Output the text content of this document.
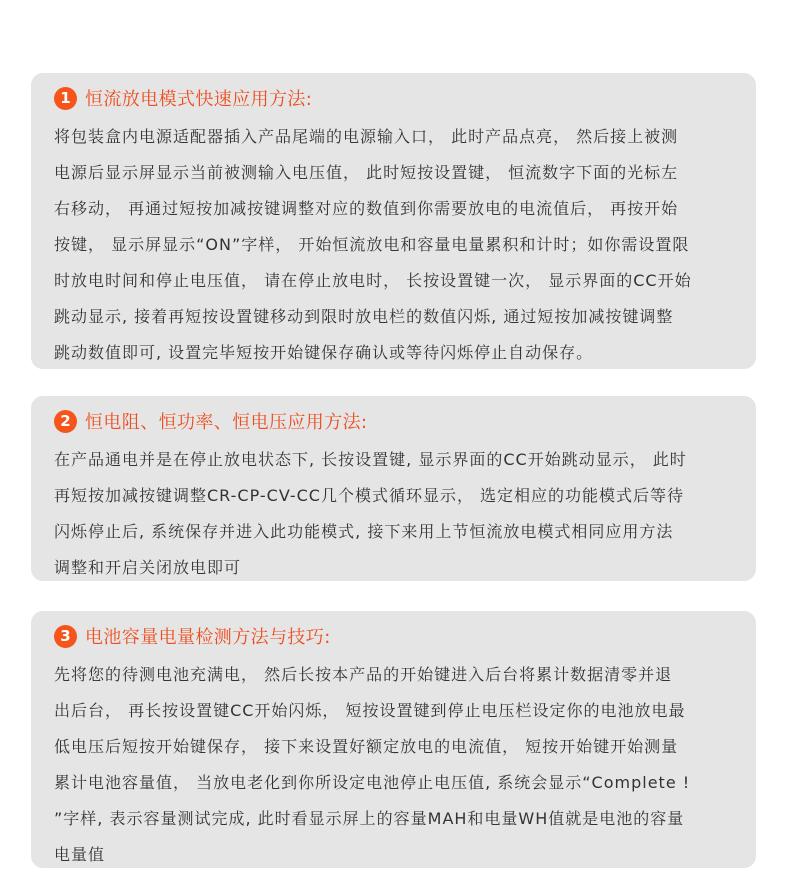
1 恒流放电模式快速应用方法:
将包装盒内电源适配器插入产品尾端的电源输入口， 此时产品点亮， 然后接上被测
电源后显示屏显示当前被测输入电压值， 此时短按设置键， 恒流数字下面的光标左
右移动， 再通过短按加减按键调整对应的数值到你需要放电的电流值后， 再按开始
按键， 显示屏显示“ON”字样， 开始恒流放电和容量电量累积和计时；如你需设置限
时放电时间和停止电压值， 请在停止放电时， 长按设置键一次， 显示界面的CC开始
跳动显示, 接着再短按设置键移动到限时放电栏的数值闪烁, 通过短按加减按键调整
跳动数值即可, 设置完毕短按开始键保存确认或等待闪烁停止自动保存。
2 恒电阻、恒功率、恒电压应用方法:
在产品通电并是在停止放电状态下, 长按设置键, 显示界面的CC开始跳动显示， 此时
再短按加减按键调整CR-CP-CV-CC几个模式循环显示， 选定相应的功能模式后等待
闪烁停止后, 系统保存并进入此功能模式, 接下来用上节恒流放电模式相同应用方法
调整和开启关闭放电即可
3 电池容量电量检测方法与技巧:
先将您的待测电池充满电， 然后长按本产品的开始键进入后台将累计数据清零并退
出后台， 再长按设置键CC开始闪烁， 短按设置键到停止电压栏设定你的电池放电最
低电压后短按开始键保存， 接下来设置好额定放电的电流值， 短按开始键开始测量
累计电池容量值， 当放电老化到你所设定电池停止电压值, 系统会显示“Complete !
”字样, 表示容量测试完成, 此时看显示屏上的容量MAH和电量WH值就是电池的容量
电量值
